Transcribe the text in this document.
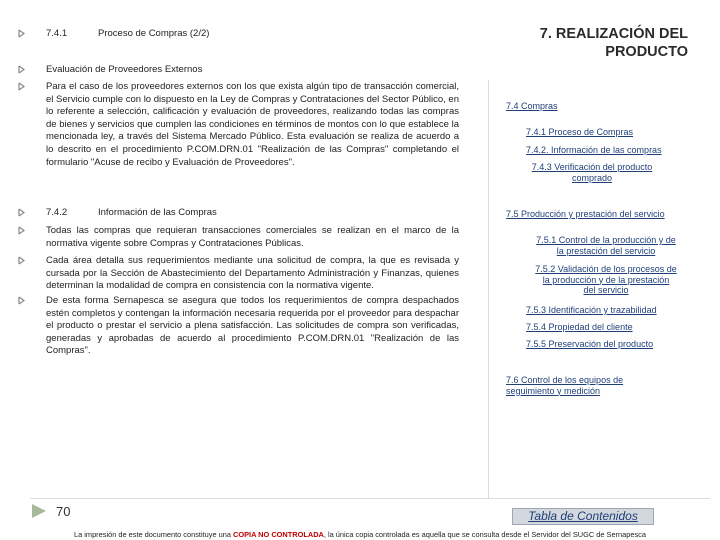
7.4.1	Proceso de Compras (2/2)
Evaluación de Proveedores Externos
Para el caso de los proveedores externos con los que exista algún tipo de transacción comercial, el Servicio cumple con lo dispuesto en la Ley de Compras y Contrataciones del Sector Público, en lo referente a selección, calificación y evaluación de proveedores, realizando todas las compras de bienes y servicios que cumplen las condiciones en términos de montos con lo que establece la mencionada ley, a través del Sistema Mercado Público. Esta evaluación se realiza de acuerdo a lo descrito en el procedimiento P.COM.DRN.01 "Realización de las Compras" completando el formulario "Acuse de recibo y Evaluación de Proveedores".
7.4.2	Información de las Compras
Todas las compras que requieran transacciones comerciales se realizan en el marco de la normativa vigente sobre Compras y Contrataciones Públicas.
Cada área detalla sus requerimientos mediante una solicitud de compra, la que es revisada y cursada por la Sección de Abastecimiento del Departamento Administración y Finanzas, quienes determinan la modalidad de compra en consistencia con la normativa vigente.
De esta forma Sernapesca se asegura que todos los requerimientos de compra despachados estén completos y contengan la información necesaria requerida por el proveedor para despachar el producto o prestar el servicio a plena satisfacción. Las solicitudes de compra son verificadas, generadas y aprobadas de acuerdo al procedimiento P.COM.DRN.01 "Realización de las Compras".
7. REALIZACIÓN DEL
PRODUCTO
7.4 Compras
7.4.1 Proceso de Compras
7.4.2. Información de las compras
7.4.3 Verificación del producto
comprado
7.5 Producción y prestación del servicio
7.5.1 Control de la producción y de
la prestación del servicio
7.5.2 Validación de los procesos de
la producción y de la prestación
del servicio
7.5.3 Identificación y trazabilidad
7.5.4 Propiedad del cliente
7.5.5 Preservación del producto
7.6 Control de los equipos de
seguimiento y medición
70	Tabla de Contenidos
La impresión de este documento constituye una COPIA NO CONTROLADA, la única copia controlada es aquella que se consulta desde el Servidor del SUGC de Sernapesca
